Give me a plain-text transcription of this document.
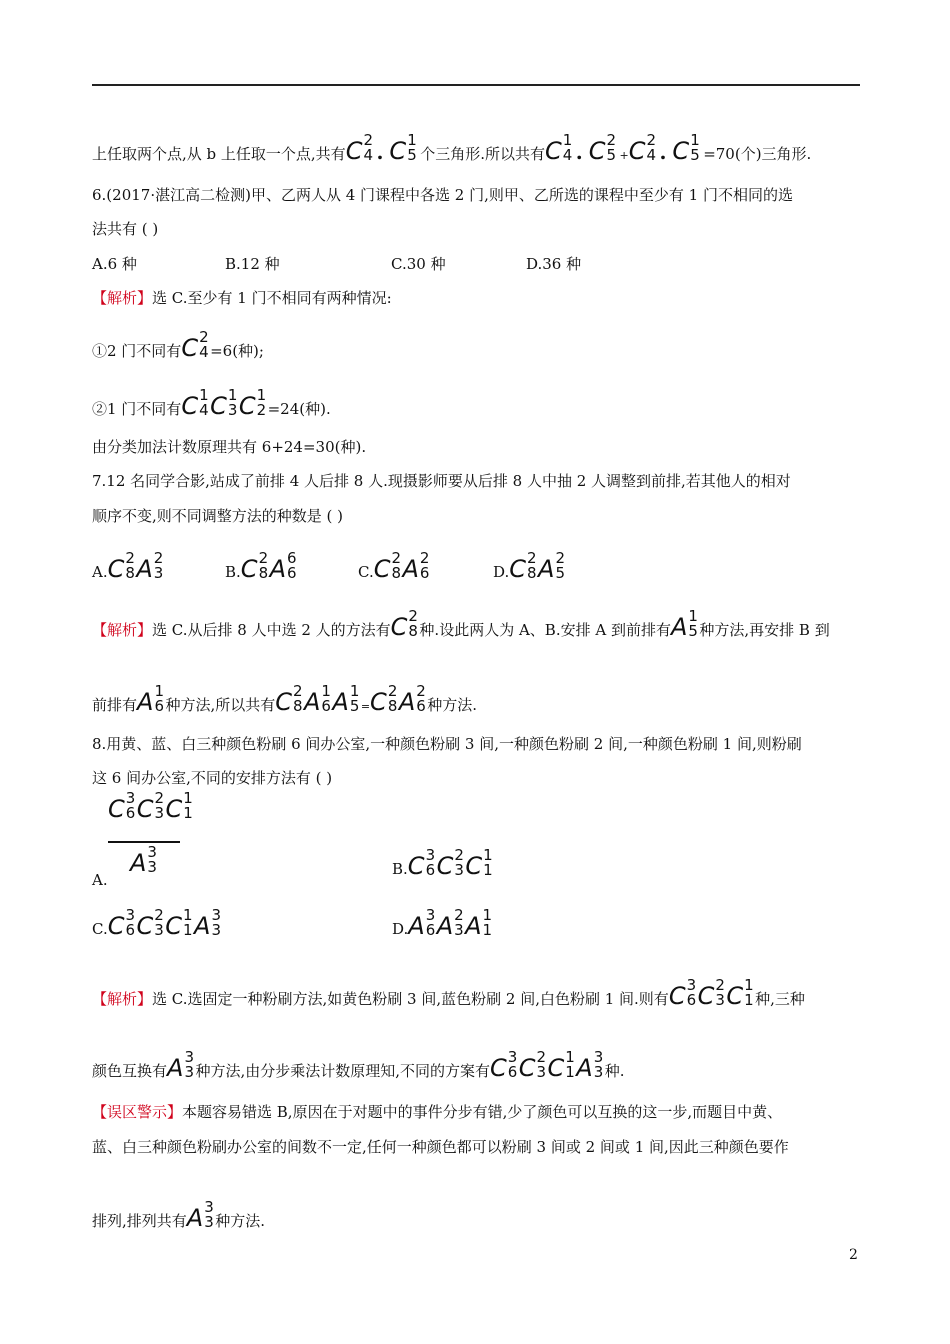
上任取两个点,从 b 上任取一个点,共有C 2
4 . C 1
5 个三角形.所以共有C 1
4 . C 2
5 +C 2
4 . C 1
5 =70(个)三角形.
6.(2017·湛江高二检测)甲、乙两人从 4 门课程中各选 2 门,则甲、乙所选的课程中至少有 1 门不相同的选
法共有 ( )
A.6 种	B.12 种	C.30 种	D.36 种
【解析】选 C.至少有 1 门不相同有两种情况:
①2 门不同有C 2
4 =6(种);
②1 门不同有C 1
4 C 1
3 C 1
2 =24(种).
由分类加法计数原理共有 6+24=30(种).
7.12 名同学合影,站成了前排 4 人后排 8 人.现摄影师要从后排 8 人中抽 2 人调整到前排,若其他人的相对
顺序不变,则不同调整方法的种数是 ( )
A.C 2
8 A 2
3	B.C 2
8 A 6
6	C.C 2
8 A 2
6	D.C 2
8 A 2
5
【解析】选 C.从后排 8 人中选 2 人的方法有C 2
8 种.设此两人为 A、B.安排 A 到前排有A 1
5 种方法,再安排 B 到
前排有A 1
6 种方法,所以共有C 2
8 A 1
6 A 1
5 =C 2
8 A 2
6 种方法.
8.用黄、蓝、白三种颜色粉刷 6 间办公室,一种颜色粉刷 3 间,一种颜色粉刷 2 间,一种颜色粉刷 1 间,则粉刷
这 6 间办公室,不同的安排方法有 ( )
A.
C 3
6 C 2
3 C 1
1
A 3
3	B.C 3
6 C 2
3 C 1
1
C.C 3
6 C 2
3 C 1
1 A 3
3	D.A 3
6 A 2
3 A 1
1
【解析】选 C.选固定一种粉刷方法,如黄色粉刷 3 间,蓝色粉刷 2 间,白色粉刷 1 间.则有C 3
6 C 2
3 C 1
1 种,三种
颜色互换有A 3
3 种方法,由分步乘法计数原理知,不同的方案有C 3
6 C 2
3 C 1
1 A 3
3 种.
【误区警示】本题容易错选 B,原因在于对题中的事件分步有错,少了颜色可以互换的这一步,而题目中黄、
蓝、白三种颜色粉刷办公室的间数不一定,任何一种颜色都可以粉刷 3 间或 2 间或 1 间,因此三种颜色要作
排列,排列共有A 3
3 种方法.
2
